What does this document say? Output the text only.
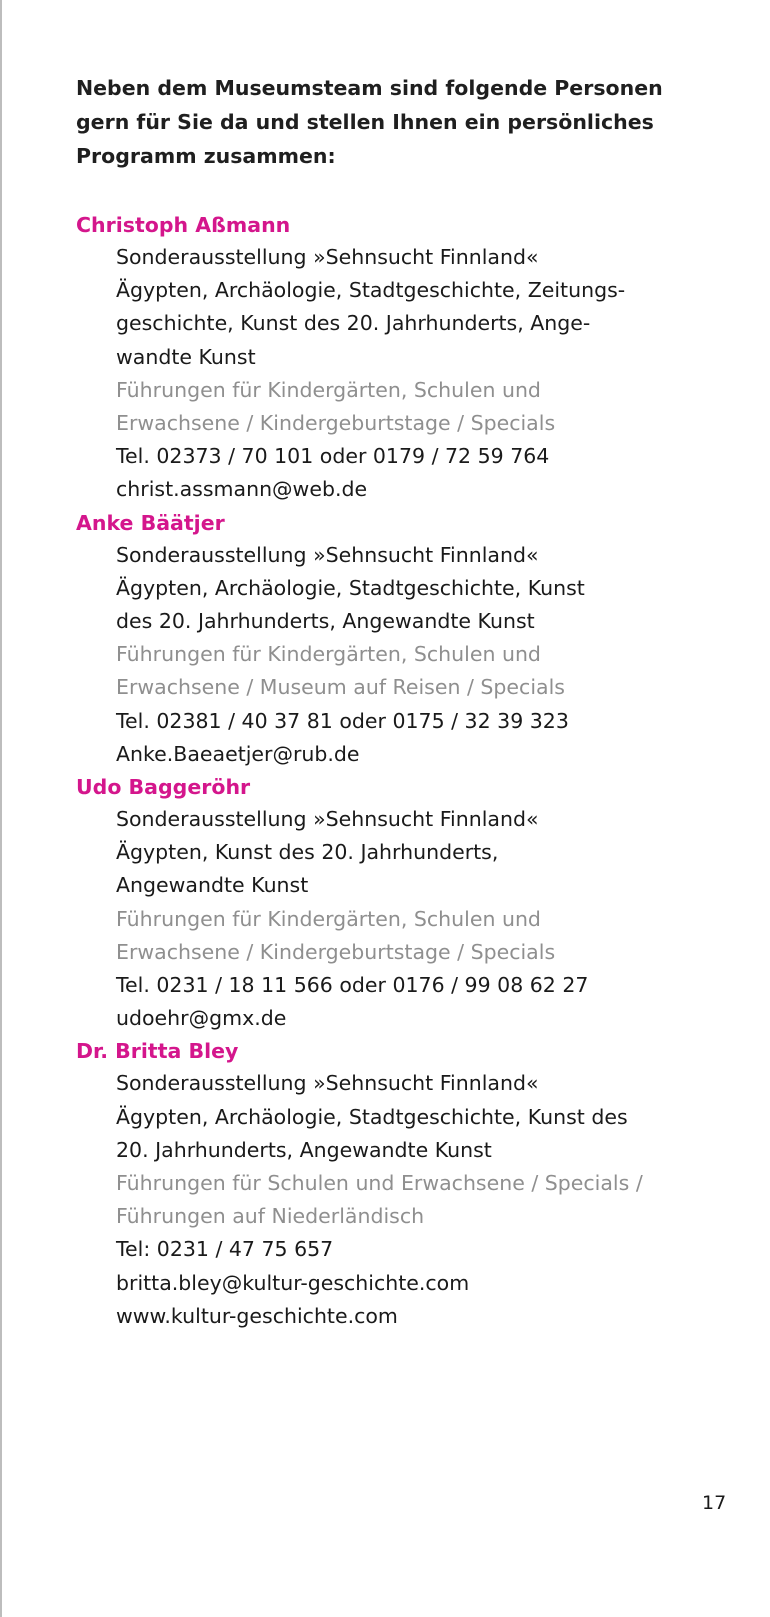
Neben dem Museumsteam sind folgende Personen
gern für Sie da und stellen Ihnen ein persönliches
Programm zusammen:

Christoph Aßmann
Sonderausstellung »Sehnsucht Finnland«
Ägypten, Archäologie, Stadtgeschichte, Zeitungs-
geschichte, Kunst des 20. Jahrhunderts, Ange-
wandte Kunst
Führungen für Kindergärten, Schulen und
Erwachsene / Kindergeburtstage / Specials
Tel. 02373 / 70 101 oder 0179 / 72 59 764
christ.assmann@web.de
Anke Bäätjer
Sonderausstellung »Sehnsucht Finnland«
Ägypten, Archäologie, Stadtgeschichte, Kunst
des 20. Jahrhunderts, Angewandte Kunst
Führungen für Kindergärten, Schulen und
Erwachsene / Museum auf Reisen / Specials
Tel. 02381 / 40 37 81 oder 0175 / 32 39 323
Anke.Baeaetjer@rub.de
Udo Baggeröhr
Sonderausstellung »Sehnsucht Finnland«
Ägypten, Kunst des 20. Jahrhunderts,
Angewandte Kunst
Führungen für Kindergärten, Schulen und
Erwachsene / Kindergeburtstage / Specials
Tel. 0231 / 18 11 566 oder 0176 / 99 08 62 27
udoehr@gmx.de
Dr. Britta Bley
Sonderausstellung »Sehnsucht Finnland«
Ägypten, Archäologie, Stadtgeschichte, Kunst des
20. Jahrhunderts, Angewandte Kunst
Führungen für Schulen und Erwachsene / Specials /
Führungen auf Niederländisch
Tel: 0231 / 47 75 657
britta.bley@kultur-geschichte.com
www.kultur-geschichte.com
17
